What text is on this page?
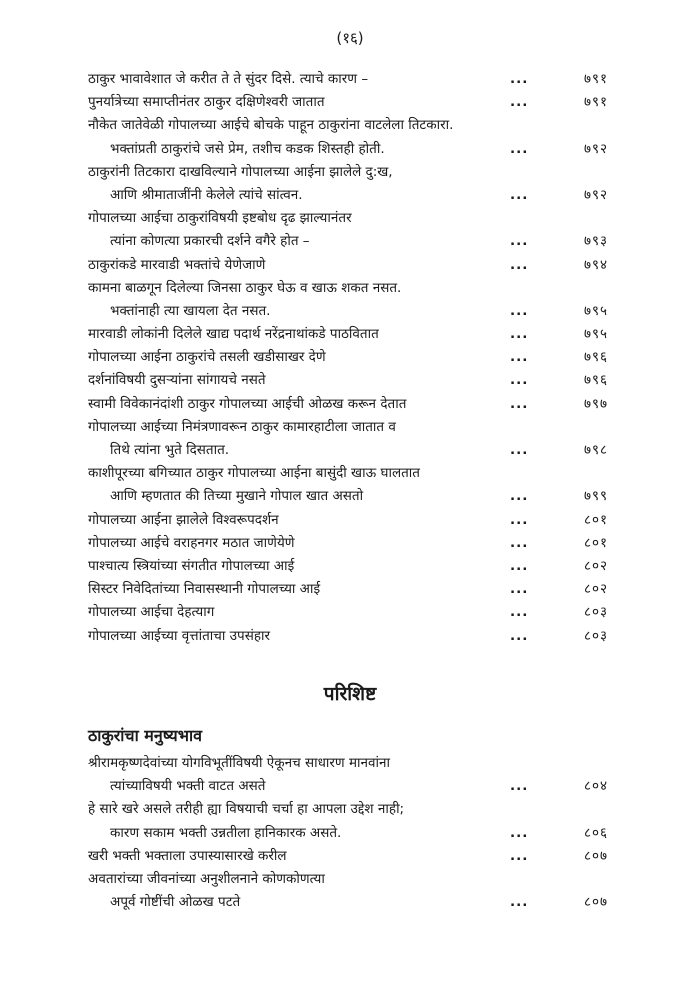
(१६)
ठाकुर भावावेशात जे करीत ते ते सुंदर दिसे. त्याचे कारण –	...	७९१
पुनर्यात्रेच्या समाप्तीनंतर ठाकुर दक्षिणेश्वरी जातात	...	७९१
नौकेत जातेवेळी गोपालच्या आईचे बोचके पाहून ठाकुरांना वाटलेला तिटकारा.
भक्तांप्रती ठाकुरांचे जसे प्रेम, तशीच कडक शिस्तही होती.	...	७९२
ठाकुरांनी तिटकारा दाखविल्याने गोपालच्या आईना झालेले दु:ख,
आणि श्रीमाताजींनी केलेले त्यांचे सांत्वन.	...	७९२
गोपालच्या आईचा ठाकुरांविषयी इष्टबोध दृढ झाल्यानंतर
त्यांना कोणत्या प्रकारची दर्शने वगैरे होत –	...	७९३
ठाकुरांकडे मारवाडी भक्तांचे येणेजाणे	...	७९४
कामना बाळगून दिलेल्या जिनसा ठाकुर घेऊ व खाऊ शकत नसत.
भक्तांनाही त्या खायला देत नसत.	...	७९५
मारवाडी लोकांनी दिलेले खाद्य पदार्थ नरेंद्रनाथांकडे पाठवितात	...	७९५
गोपालच्या आईना ठाकुरांचे तसली खडीसाखर देणे	...	७९६
दर्शनांविषयी दुसऱ्यांना सांगायचे नसते	...	७९६
स्वामी विवेकानंदांशी ठाकुर गोपालच्या आईची ओळख करून देतात	...	७९७
गोपालच्या आईच्या निमंत्रणावरून ठाकुर कामारहाटीला जातात व
तिथे त्यांना भुते दिसतात.	...	७९८
काशीपूरच्या बगिच्यात ठाकुर गोपालच्या आईना बासुंदी खाऊ घालतात
आणि म्हणतात की तिच्या मुखाने गोपाल खात असतो	...	७९९
गोपालच्या आईना झालेले विश्वरूपदर्शन	...	८०१
गोपालच्या आईचे वराहनगर मठात जाणेयेणे	...	८०१
पाश्चात्य स्त्रियांच्या संगतीत गोपालच्या आई	...	८०२
सिस्टर निवेदितांच्या निवासस्थानी गोपालच्या आई	...	८०२
गोपालच्या आईचा देहत्याग	...	८०३
गोपालच्या आईच्या वृत्तांताचा उपसंहार	...	८०३
परिशिष्ट
ठाकुरांचा मनुष्यभाव
श्रीरामकृष्णदेवांच्या योगविभूतींविषयी ऐकूनच साधारण मानवांना
त्यांच्याविषयी भक्ती वाटत असते	...	८०४
हे सारे खरे असले तरीही ह्या विषयाची चर्चा हा आपला उद्देश नाही;
कारण सकाम भक्ती उन्नतीला हानिकारक असते.	...	८०६
खरी भक्ती भक्ताला उपास्यासारखे करील	...	८०७
अवतारांच्या जीवनांच्या अनुशीलनाने कोणकोणत्या
अपूर्व गोष्टींची ओळख पटते	...	८०७
